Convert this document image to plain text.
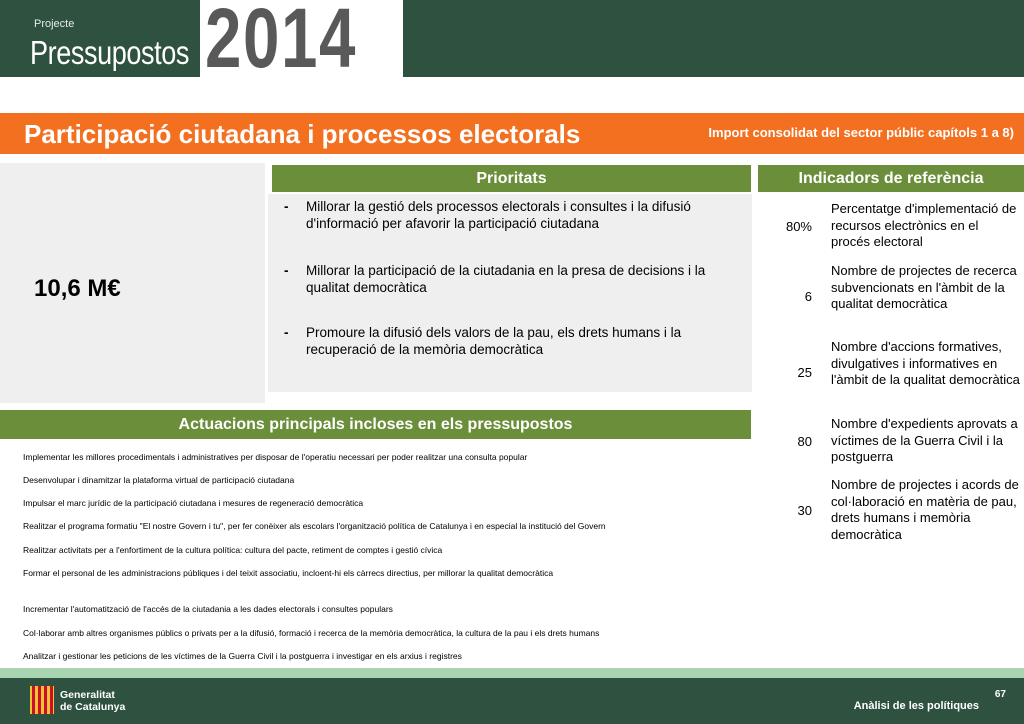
Projecte
Pressupostos 2014
Participació ciutadana i processos electorals	Import consolidat del sector públic capítols 1 a 8)
10,6 M€
Prioritats	Indicadors de referència
-	Millorar la gestió dels processos electorals i consultes i la difusió d'informació per afavorir la participació ciutadana
-	Millorar la participació de la ciutadania en la presa de decisions i la qualitat democràtica
-	Promoure la difusió dels valors de la pau, els drets humans i la recuperació de la memòria democràtica
80%
Percentatge d'implementació de recursos electrònics en el procés electoral
6
Nombre de projectes de recerca subvencionats en l'àmbit de la qualitat democràtica
25
Nombre d'accions formatives, divulgatives i informatives en l'àmbit de la qualitat democràtica
80
Nombre d'expedients aprovats a víctimes de la Guerra Civil i la postguerra
30
Nombre de projectes i acords de col·laboració en matèria de pau, drets humans i memòria democràtica
Actuacions principals incloses en els pressupostos
Implementar les millores procedimentals i administratives per disposar de l'operatiu necessari per poder realitzar una consulta popular
Desenvolupar i dinamitzar la plataforma virtual de participació ciutadana
Impulsar el marc jurídic de la participació ciutadana i mesures de regeneració democràtica
Realitzar el programa formatiu "El nostre Govern i tu", per fer conèixer als escolars l'organització política de Catalunya i en especial la institució del Govern
Realitzar activitats per a l'enfortiment de la cultura política: cultura del pacte, retiment de comptes i gestió cívica
Formar el personal de les administracions públiques i del teixit associatiu, incloent-hi els càrrecs directius, per millorar la qualitat democràtica
Incrementar l'automatització de l'accés de la ciutadania a les dades electorals i consultes populars
Col·laborar amb altres organismes públics o privats per a la difusió, formació i recerca de la memòria democràtica, la cultura de la pau i els drets humans
Analitzar i gestionar les peticions de les víctimes de la Guerra Civil i la postguerra i investigar en els arxius i registres
Generalitat
de Catalunya
67
Anàlisi de les polítiques
